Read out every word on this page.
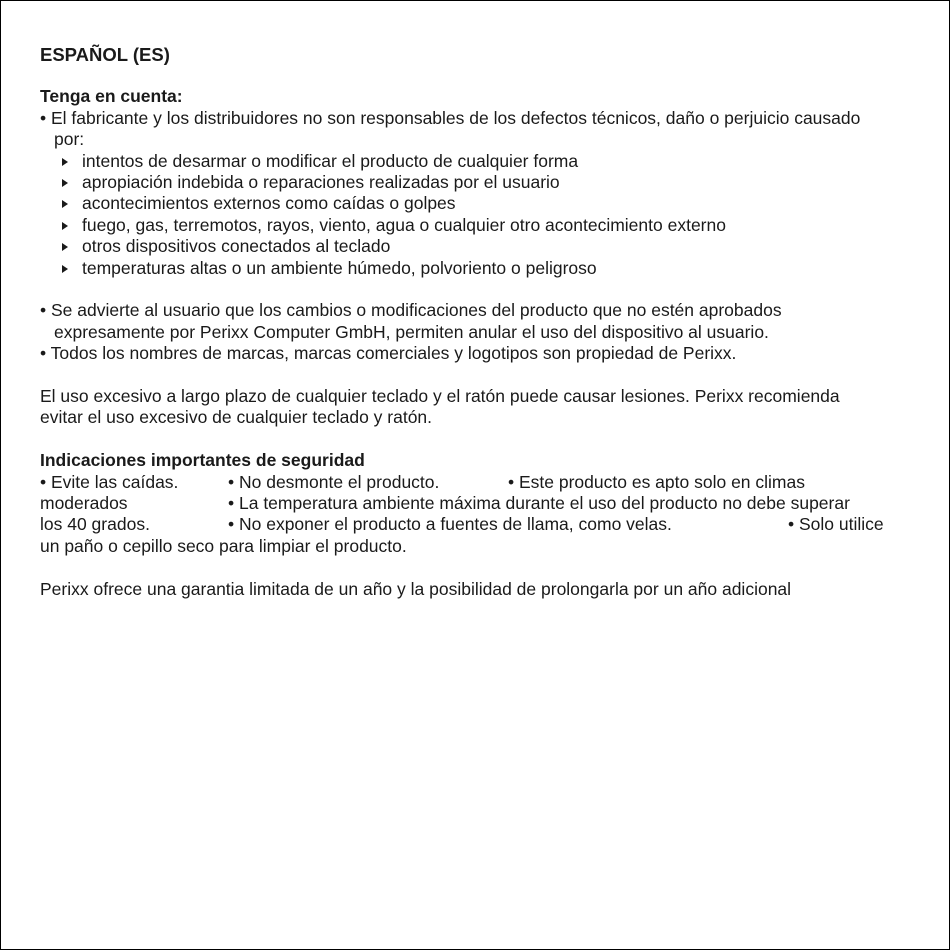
ESPAÑOL (ES)

Tenga en cuenta:

• El fabricante y los distribuidores no son responsables de los defectos técnicos, daño o perjuicio causado

por:

intentos de desarmar o modificar el producto de cualquier forma
apropiación indebida o reparaciones realizadas por el usuario
acontecimientos externos como caídas o golpes
fuego, gas, terremotos, rayos, viento, agua o cualquier otro acontecimiento externo
otros dispositivos conectados al teclado
temperaturas altas o un ambiente húmedo, polvoriento o peligroso

• Se advierte al usuario que los cambios o modificaciones del producto que no estén aprobados

expresamente por Perixx Computer GmbH, permiten anular el uso del dispositivo al usuario.

• Todos los nombres de marcas, marcas comerciales y logotipos son propiedad de Perixx.

El uso excesivo a largo plazo de cualquier teclado y el ratón puede causar lesiones. Perixx recomienda

evitar el uso excesivo de cualquier teclado y ratón.

Indicaciones importantes de seguridad

• Evite las caídas.	• No desmonte el producto.	• Este producto es apto solo en climas
moderados	• La temperatura ambiente máxima durante el uso del producto no debe superar
los 40 grados.	• No exponer el producto a fuentes de llama, como velas.	• Solo utilice

un paño o cepillo seco para limpiar el producto.

Perixx ofrece una garantia limitada de un año y la posibilidad de prolongarla por un año adicional
